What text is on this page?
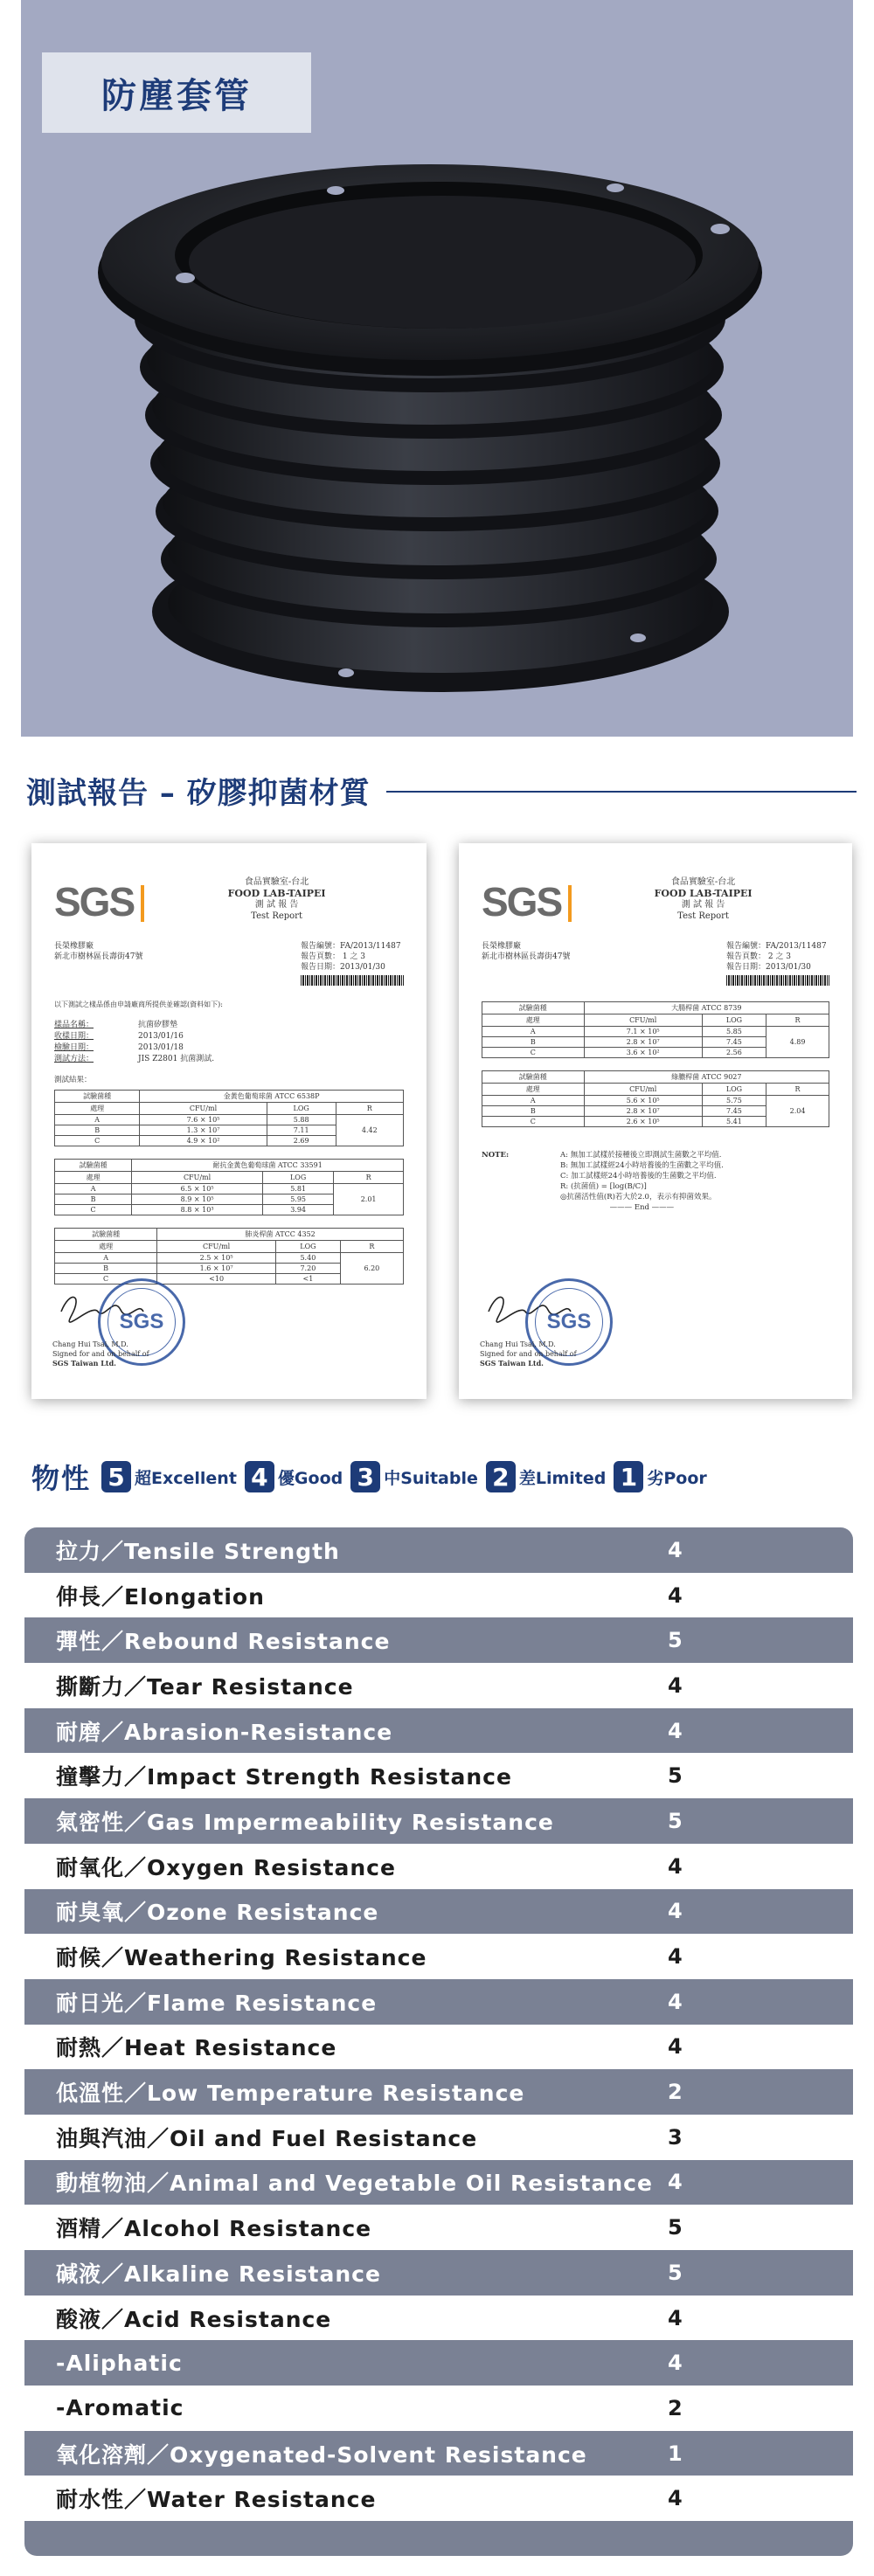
防塵套管
測試報告 – 矽膠抑菌材質
SGS	食品實驗室-台北
FOOD LAB-TAIPEI
測 試 報 告
Test Report
長榮橡膠廠
新北市樹林區長壽街47號
報告編號：FA/2013/11487
報告頁數： 1 之 3
報告日期：2013/01/30
以下測試之樣品係由申請廠商所提供並確認(資料如下):
樣品名稱：	抗菌矽膠墊
收樣日期：	2013/01/16
檢驗日期：	2013/01/18
測試方法：	JIS Z2801 抗菌測試.
測試結果：
試驗菌種	金黃色葡萄球菌 ATCC 6538P		
處理	CFU/ml	LOG	R
A	7.6 × 10⁵	5.88	4.42
B	1.3 × 10⁷	7.11	
C	4.9 × 10²	2.69	
試驗菌種	耐抗金黃色葡萄球菌 ATCC 33591		
處理	CFU/ml	LOG	R
A	6.5 × 10⁵	5.81	2.01
B	8.9 × 10⁵	5.95	
C	8.8 × 10³	3.94	
試驗菌種	肺炎桿菌 ATCC 4352		
處理	CFU/ml	LOG	R
A	2.5 × 10⁵	5.40	6.20
B	1.6 × 10⁷	7.20	
C	<10	<1	
SGS
Chang Hui Tsai, M.D.
Signed for and on behalf of
SGS Taiwan Ltd.
SGS	食品實驗室-台北
FOOD LAB-TAIPEI
測 試 報 告
Test Report
長榮橡膠廠
新北市樹林區長壽街47號
報告編號：FA/2013/11487
報告頁數： 2 之 3
報告日期：2013/01/30
試驗菌種	大腸桿菌 ATCC 8739		
處理	CFU/ml	LOG	R
A	7.1 × 10⁵	5.85	4.89
B	2.8 × 10⁷	7.45	
C	3.6 × 10²	2.56	
試驗菌種	綠膿桿菌 ATCC 9027		
處理	CFU/ml	LOG	R
A	5.6 × 10⁵	5.75	2.04
B	2.8 × 10⁷	7.45	
C	2.6 × 10⁵	5.41	
NOTE:	A: 無加工試樣於接種後立即測試生菌數之平均值.
B: 無加工試樣經24小時培養後的生菌數之平均值.
C: 加工試樣經24小時培養後的生菌數之平均值.
R: (抗菌值) = [log(B/C)]
◎抗菌活性值(R)若大於2.0，表示有抑菌效果。
——— End ———
SGS
Chang Hui Tsai, M.D.
Signed for and on behalf of
SGS Taiwan Ltd.
物性 5 超Excellent 4 優Good 3 中Suitable 2 差Limited 1 劣Poor
拉力／Tensile Strength	4
伸長／Elongation	4
彈性／Rebound Resistance	5
撕斷力／Tear Resistance	4
耐磨／Abrasion-Resistance	4
撞擊力／Impact Strength Resistance	5
氣密性／Gas Impermeability Resistance	5
耐氧化／Oxygen Resistance	4
耐臭氧／Ozone Resistance	4
耐候／Weathering Resistance	4
耐日光／Flame Resistance	4
耐熱／Heat Resistance	4
低溫性／Low Temperature Resistance	2
油與汽油／Oil and Fuel Resistance	3
動植物油／Animal and Vegetable Oil Resistance 4
酒精／Alcohol Resistance	5
碱液／Alkaline Resistance	5
酸液／Acid Resistance	4
-Aliphatic	4
-Aromatic	2
氧化溶劑／Oxygenated-Solvent Resistance	1
耐水性／Water Resistance	4
